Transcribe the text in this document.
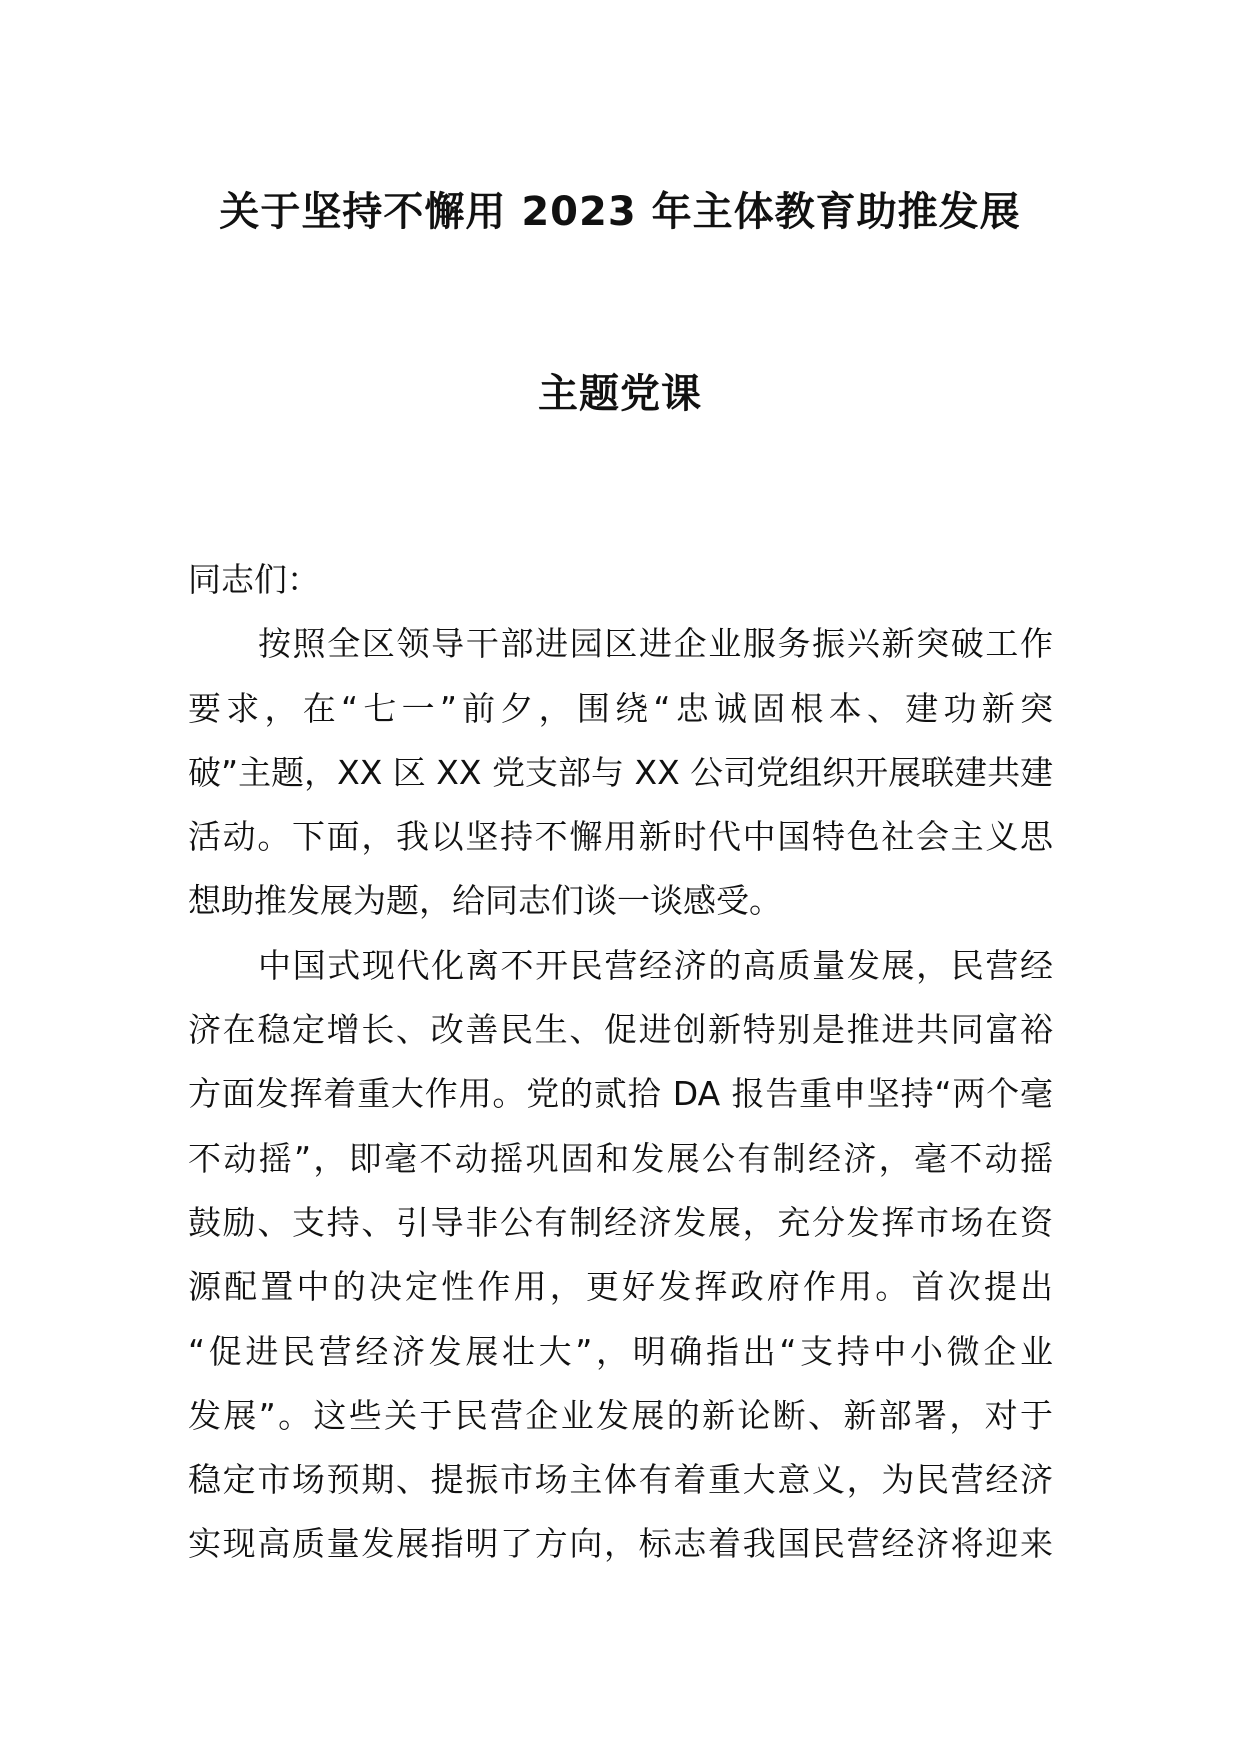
关于坚持不懈用 2023 年主体教育助推发展
主题党课
同志们：
按照全区领导干部进园区进企业服务振兴新突破工作
要求，在“七一”前夕，围绕“忠诚固根本、建功新突
破”主题，XX 区 XX 党支部与 XX 公司党组织开展联建共建
活动。下面，我以坚持不懈用新时代中国特色社会主义思
想助推发展为题，给同志们谈一谈感受。
中国式现代化离不开民营经济的高质量发展，民营经
济在稳定增长、改善民生、促进创新特别是推进共同富裕
方面发挥着重大作用。党的贰拾 DA 报告重申坚持“两个毫
不动摇”，即毫不动摇巩固和发展公有制经济，毫不动摇
鼓励、支持、引导非公有制经济发展，充分发挥市场在资
源配置中的决定性作用，更好发挥政府作用。首次提出
“促进民营经济发展壮大”，明确指出“支持中小微企业
发展”。这些关于民营企业发展的新论断、新部署，对于
稳定市场预期、提振市场主体有着重大意义，为民营经济
实现高质量发展指明了方向，标志着我国民营经济将迎来
